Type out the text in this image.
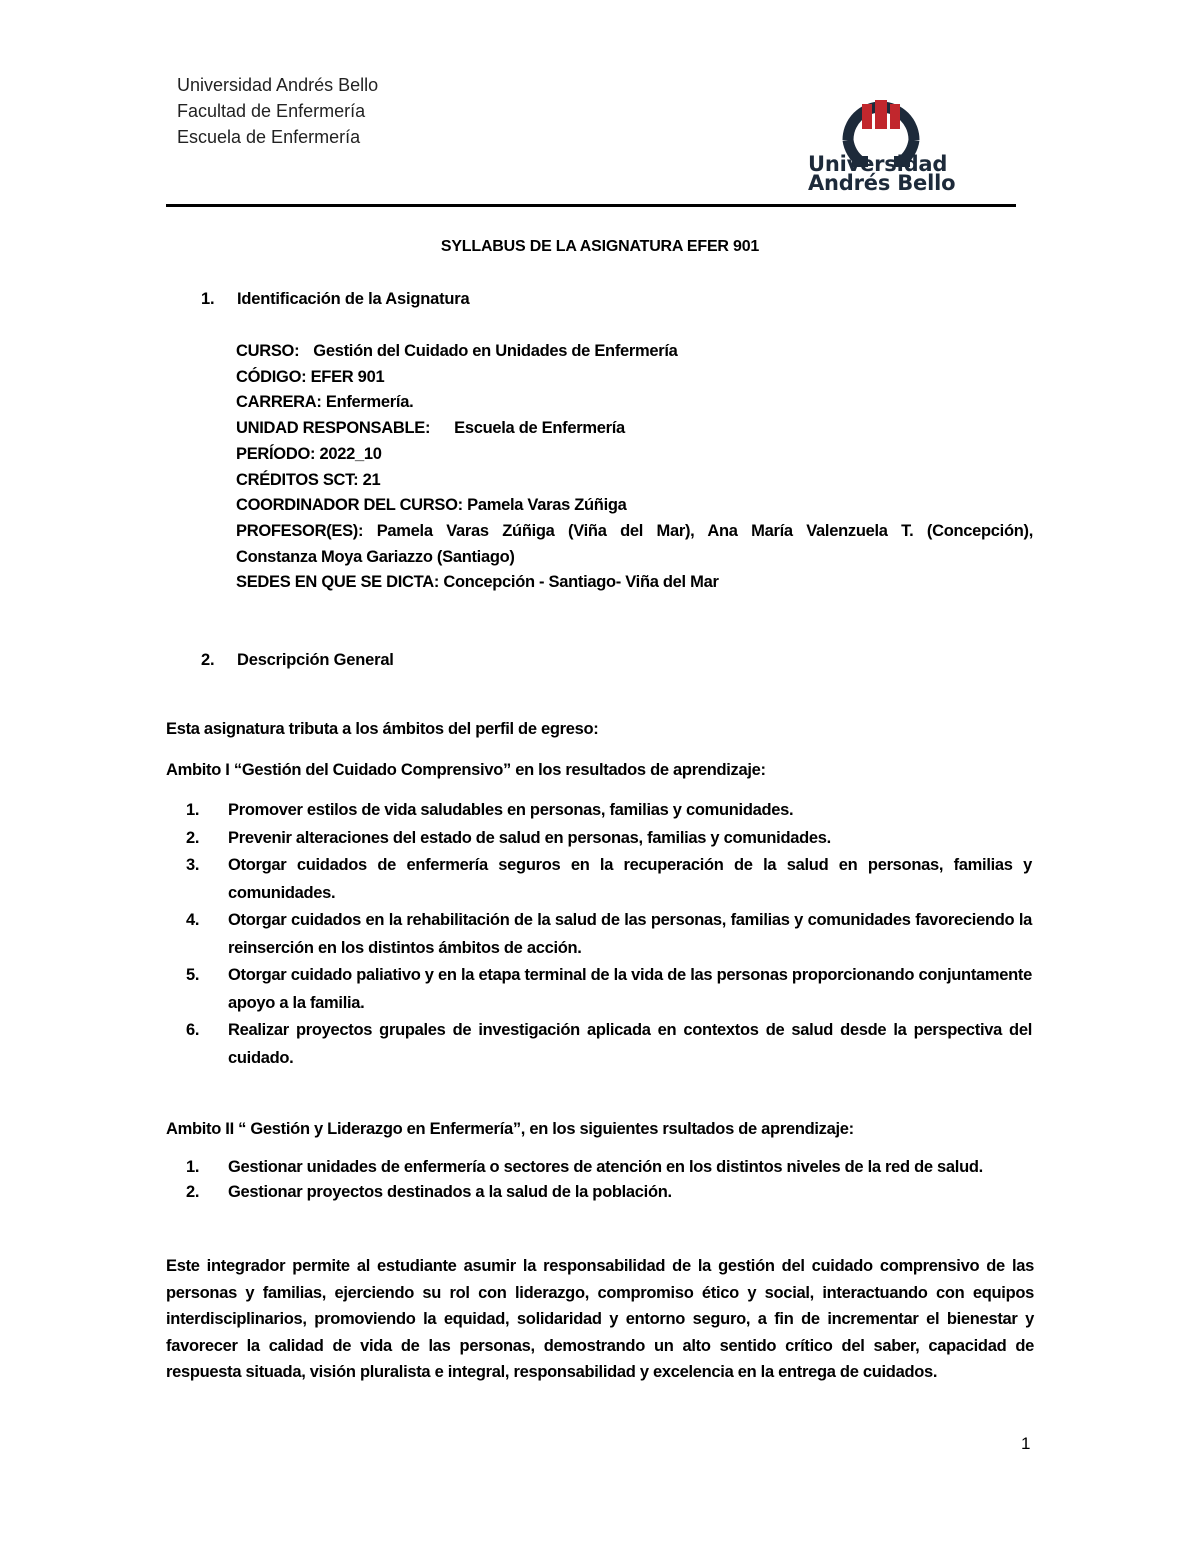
Universidad Andrés Bello
Facultad de Enfermería
Escuela de Enfermería
Universidad
Andrés Bello
SYLLABUS DE LA ASIGNATURA EFER 901
1. Identificación de la Asignatura
CURSO: Gestión del Cuidado en Unidades de Enfermería
CÓDIGO: EFER 901
CARRERA: Enfermería.
UNIDAD RESPONSABLE: Escuela de Enfermería
PERÍODO: 2022_10
CRÉDITOS SCT: 21
COORDINADOR DEL CURSO: Pamela Varas Zúñiga
PROFESOR(ES): Pamela Varas Zúñiga (Viña del Mar), Ana María Valenzuela T. (Concepción),
Constanza Moya Gariazzo (Santiago)
SEDES EN QUE SE DICTA: Concepción - Santiago- Viña del Mar
2. Descripción General
Esta asignatura tributa a los ámbitos del perfil de egreso:
Ambito I “Gestión del Cuidado Comprensivo” en los resultados de aprendizaje:
1. Promover estilos de vida saludables en personas, familias y comunidades.
2. Prevenir alteraciones del estado de salud en personas, familias y comunidades.
3. Otorgar cuidados de enfermería seguros en la recuperación de la salud en personas, familias y comunidades.
4. Otorgar cuidados en la rehabilitación de la salud de las personas, familias y comunidades favoreciendo la reinserción en los distintos ámbitos de acción.
5. Otorgar cuidado paliativo y en la etapa terminal de la vida de las personas proporcionando conjuntamente apoyo a la familia.
6. Realizar proyectos grupales de investigación aplicada en contextos de salud desde la perspectiva del cuidado.
Ambito II “ Gestión y Liderazgo en Enfermería”, en los siguientes rsultados de aprendizaje:
1. Gestionar unidades de enfermería o sectores de atención en los distintos niveles de la red de salud.
2. Gestionar proyectos destinados a la salud de la población.
Este integrador permite al estudiante asumir la responsabilidad de la gestión del cuidado comprensivo de las personas y familias, ejerciendo su rol con liderazgo, compromiso ético y social, interactuando con equipos interdisciplinarios, promoviendo la equidad, solidaridad y entorno seguro, a fin de incrementar el bienestar y favorecer la calidad de vida de las personas, demostrando un alto sentido crítico del saber, capacidad de respuesta situada, visión pluralista e integral, responsabilidad y excelencia en la entrega de cuidados.
1
